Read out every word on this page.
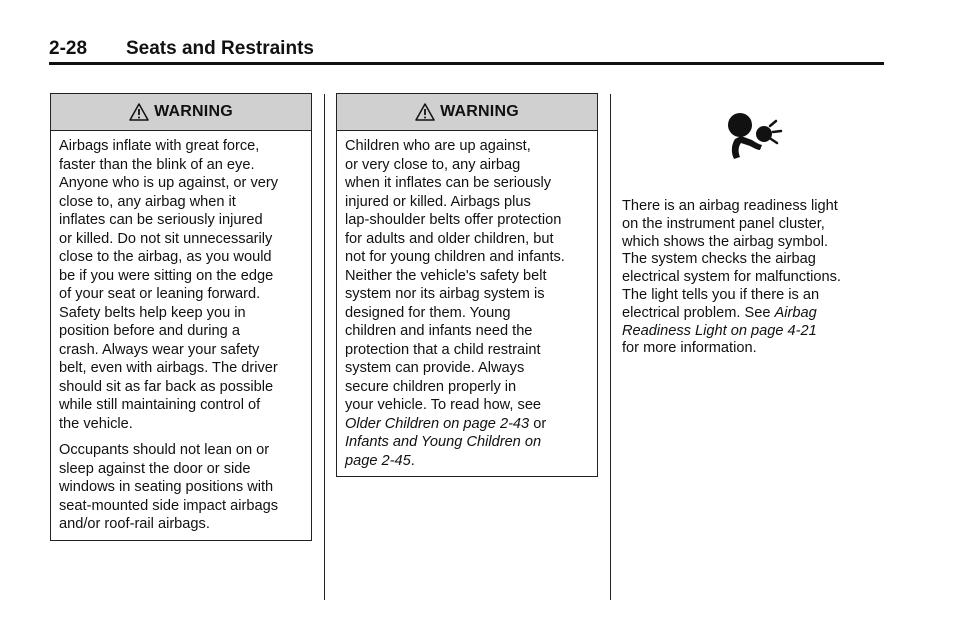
2-28 Seats and Restraints
WARNING

Airbags inflate with great force,
faster than the blink of an eye.
Anyone who is up against, or very
close to, any airbag when it
inflates can be seriously injured
or killed. Do not sit unnecessarily
close to the airbag, as you would
be if you were sitting on the edge
of your seat or leaning forward.
Safety belts help keep you in
position before and during a
crash. Always wear your safety
belt, even with airbags. The driver
should sit as far back as possible
while still maintaining control of
the vehicle.

Occupants should not lean on or
sleep against the door or side
windows in seating positions with
seat-mounted side impact airbags
and/or roof-rail airbags.

WARNING

Children who are up against,
or very close to, any airbag
when it inflates can be seriously
injured or killed. Airbags plus
lap-shoulder belts offer protection
for adults and older children, but
not for young children and infants.
Neither the vehicle's safety belt
system nor its airbag system is
designed for them. Young
children and infants need the
protection that a child restraint
system can provide. Always
secure children properly in
your vehicle. To read how, see
Older Children on page 2-43 or
Infants and Young Children on
page 2-45.

There is an airbag readiness light
on the instrument panel cluster,
which shows the airbag symbol.
The system checks the airbag
electrical system for malfunctions.
The light tells you if there is an
electrical problem. See Airbag
Readiness Light on page 4-21
for more information.
